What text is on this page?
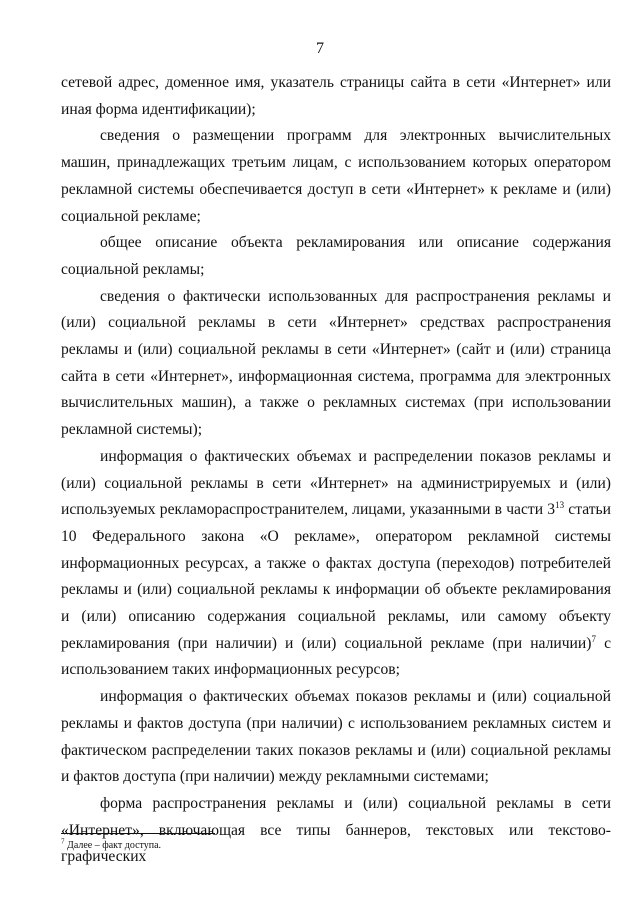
7

сетевой адрес, доменное имя, указатель страницы сайта в сети «Интернет» или иная форма идентификации);

сведения о размещении программ для электронных вычислительных машин, принадлежащих третьим лицам, с использованием которых оператором рекламной системы обеспечивается доступ в сети «Интернет» к рекламе и (или) социальной рекламе;

общее описание объекта рекламирования или описание содержания социальной рекламы;

сведения о фактически использованных для распространения рекламы и (или) социальной рекламы в сети «Интернет» средствах распространения рекламы и (или) социальной рекламы в сети «Интернет» (сайт и (или) страница сайта в сети «Интернет», информационная система, программа для электронных вычислительных машин), а также о рекламных системах (при использовании рекламной системы);

информация о фактических объемах и распределении показов рекламы и (или) социальной рекламы в сети «Интернет» на администрируемых и (или) используемых рекламораспространителем, лицами, указанными в части $3^{13}$ статьи 10 Федерального закона «О рекламе», оператором рекламной системы информационных ресурсах, а также о фактах доступа (переходов) потребителей рекламы и (или) социальной рекламы к информации об объекте рекламирования и (или) описанию содержания социальной рекламы, или самому объекту рекламирования (при наличии) и (или) социальной рекламе (при наличии)$^7$ с использованием таких информационных ресурсов;

информация о фактических объемах показов рекламы и (или) социальной рекламы и фактов доступа (при наличии) с использованием рекламных систем и фактическом распределении таких показов рекламы и (или) социальной рекламы и фактов доступа (при наличии) между рекламными системами;

форма распространения рекламы и (или) социальной рекламы в сети «Интернет», включающая все типы баннеров, текстовых или текстово-графических

$^7$ Далее – факт доступа.
